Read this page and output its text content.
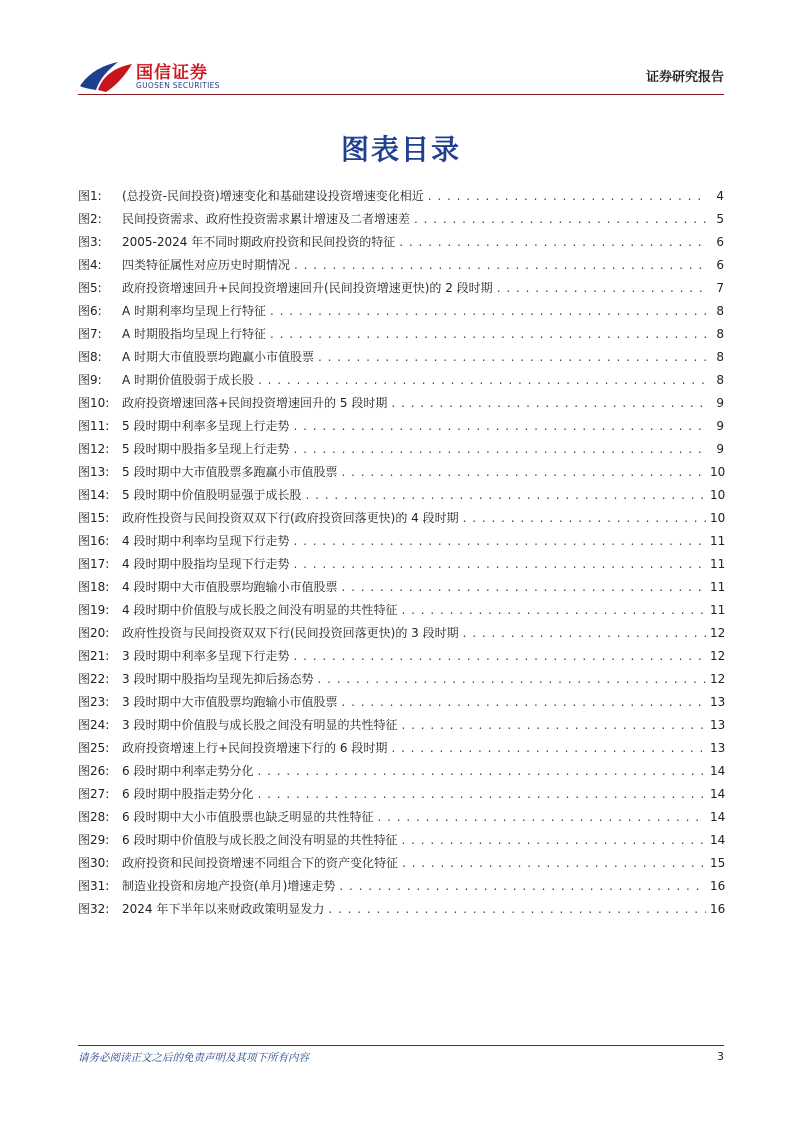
国信证券
GUOSEN SECURITIES
证券研究报告
图表目录
图1:	(总投资-民间投资)增速变化和基础建设投资增速变化相近 . . .	4
图2:	民间投资需求、政府性投资需求累计增速及二者增速差 . . .	5
图3:	2005-2024 年不同时期政府投资和民间投资的特征 . . .	6
图4:	四类特征属性对应历史时期情况 . . .	6
图5:	政府投资增速回升+民间投资增速回升(民间投资增速更快)的 2 段时期 . . .	7
图6:	A 时期利率均呈现上行特征 . . .	8
图7:	A 时期股指均呈现上行特征 . . .	8
图8:	A 时期大市值股票均跑赢小市值股票 . . .	8
图9:	A 时期价值股弱于成长股 . . .	8
图10:	政府投资增速回落+民间投资增速回升的 5 段时期 . . .	9
图11:	5 段时期中利率多呈现上行走势 . . .	9
图12:	5 段时期中股指多呈现上行走势 . . .	9
图13:	5 段时期中大市值股票多跑赢小市值股票 . . .	10
图14:	5 段时期中价值股明显强于成长股 . . .	10
图15:	政府性投资与民间投资双双下行(政府投资回落更快)的 4 段时期 . . .	10
图16:	4 段时期中利率均呈现下行走势 . . .	11
图17:	4 段时期中股指均呈现下行走势 . . .	11
图18:	4 段时期中大市值股票均跑输小市值股票 . . .	11
图19:	4 段时期中价值股与成长股之间没有明显的共性特征 . . .	11
图20:	政府性投资与民间投资双双下行(民间投资回落更快)的 3 段时期 . . .	12
图21:	3 段时期中利率多呈现下行走势 . . .	12
图22:	3 段时期中股指均呈现先抑后扬态势 . . .	12
图23:	3 段时期中大市值股票均跑输小市值股票 . . .	13
图24:	3 段时期中价值股与成长股之间没有明显的共性特征 . . .	13
图25:	政府投资增速上行+民间投资增速下行的 6 段时期 . . .	13
图26:	6 段时期中利率走势分化 . . .	14
图27:	6 段时期中股指走势分化 . . .	14
图28:	6 段时期中大小市值股票也缺乏明显的共性特征 . . .	14
图29:	6 段时期中价值股与成长股之间没有明显的共性特征 . . .	14
图30:	政府投资和民间投资增速不同组合下的资产变化特征 . . .	15
图31:	制造业投资和房地产投资(单月)增速走势 . . .	16
图32:	2024 年下半年以来财政政策明显发力 . . .	16
请务必阅读正文之后的免责声明及其项下所有内容	3
